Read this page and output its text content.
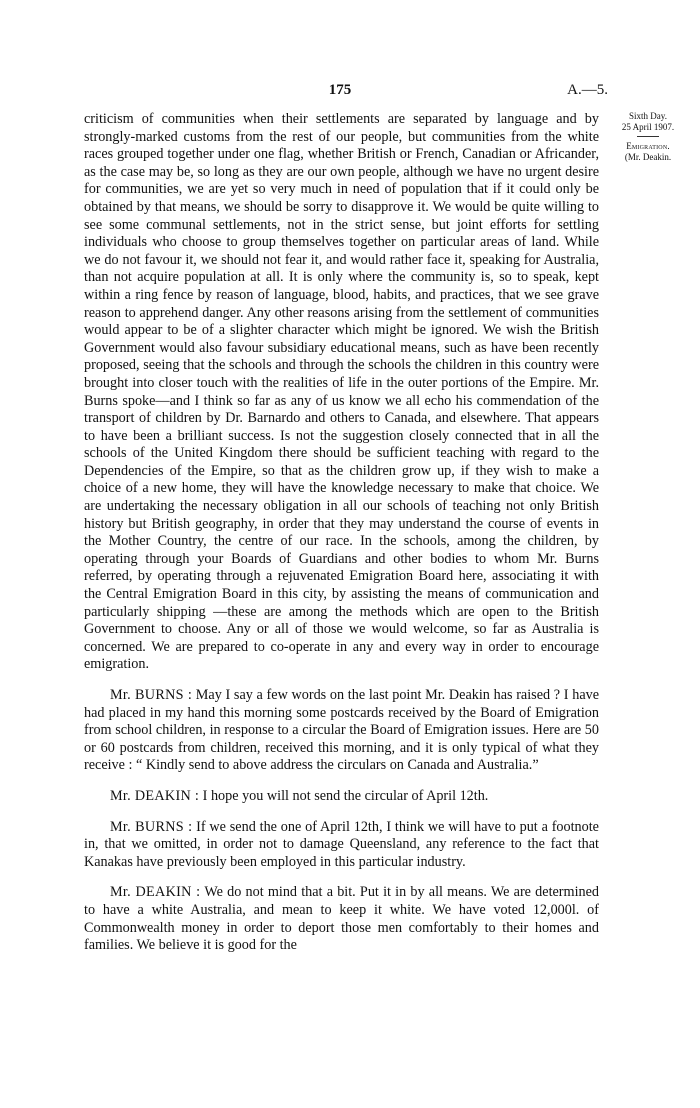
175	A.—5.
Sixth Day.
25 April 1907.
Emigration.
(Mr. Deakin.

criticism of communities when their settlements are separated by language and by strongly-marked customs from the rest of our people, but communities from the white races grouped together under one flag, whether British or French, Canadian or Africander, as the case may be, so long as they are our own people, although we have no urgent desire for communities, we are yet so very much in need of population that if it could only be obtained by that means, we should be sorry to disapprove it. We would be quite willing to see some communal settlements, not in the strict sense, but joint efforts for settling individuals who choose to group themselves together on particular areas of land. While we do not favour it, we should not fear it, and would rather face it, speaking for Australia, than not acquire population at all. It is only where the community is, so to speak, kept within a ring fence by reason of language, blood, habits, and practices, that we see grave reason to apprehend danger. Any other reasons arising from the settlement of communities would appear to be of a slighter character which might be ignored. We wish the British Government would also favour subsidiary educational means, such as have been recently proposed, seeing that the schools and through the schools the children in this country were brought into closer touch with the realities of life in the outer portions of the Empire. Mr. Burns spoke—and I think so far as any of us know we all echo his commendation of the transport of children by Dr. Barnardo and others to Canada, and elsewhere. That appears to have been a brilliant success. Is not the suggestion closely connected that in all the schools of the United Kingdom there should be sufficient teaching with regard to the Dependencies of the Empire, so that as the children grow up, if they wish to make a choice of a new home, they will have the knowledge necessary to make that choice. We are undertaking the necessary obligation in all our schools of teaching not only British history but British geography, in order that they may understand the course of events in the Mother Country, the centre of our race. In the schools, among the children, by operating through your Boards of Guardians and other bodies to whom Mr. Burns referred, by operating through a rejuvenated Emigration Board here, associating it with the Central Emigration Board in this city, by assisting the means of communication and particularly shipping —these are among the methods which are open to the British Government to choose. Any or all of those we would welcome, so far as Australia is concerned. We are prepared to co-operate in any and every way in order to encourage emigration.

Mr. BURNS : May I say a few words on the last point Mr. Deakin has raised ? I have had placed in my hand this morning some postcards received by the Board of Emigration from school children, in response to a circular the Board of Emigration issues. Here are 50 or 60 postcards from children, received this morning, and it is only typical of what they receive : “ Kindly send to above address the circulars on Canada and Australia.”

Mr. DEAKIN : I hope you will not send the circular of April 12th.

Mr. BURNS : If we send the one of April 12th, I think we will have to put a footnote in, that we omitted, in order not to damage Queensland, any reference to the fact that Kanakas have previously been employed in this particular industry.

Mr. DEAKIN : We do not mind that a bit. Put it in by all means. We are determined to have a white Australia, and mean to keep it white. We have voted 12,000l. of Commonwealth money in order to deport those men comfortably to their homes and families. We believe it is good for the
